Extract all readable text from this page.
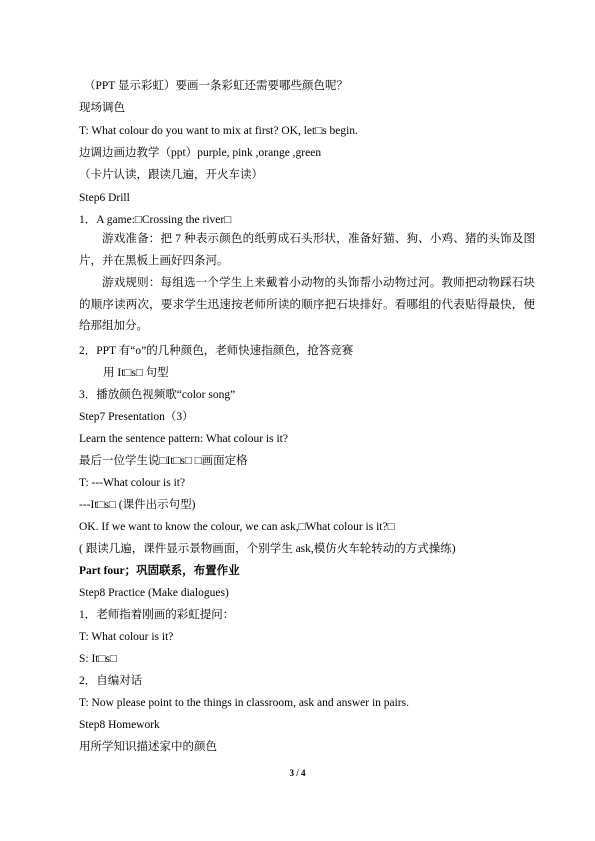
（PPT 显示彩虹）要画一条彩虹还需要哪些颜色呢？
现场调色
T: What colour do you want to mix at first? OK, let□s begin.
边调边画边教学（ppt）purple, pink ,orange ,green
（卡片认读，跟读几遍，开火车读）
Step6 Drill
1．A game:□Crossing the river□
游戏准备：把 7 种表示颜色的纸剪成石头形状，准备好猫、狗、小鸡、猪的头饰及图片，并在黑板上画好四条河。
游戏规则：每组选一个学生上来戴着小动物的头饰帮小动物过河。教师把动物踩石块的顺序读两次，要求学生迅速按老师所读的顺序把石块排好。看哪组的代表贴得最快，便给那组加分。
2．PPT 有“o”的几种颜色，老师快速指颜色，抢答竞赛
用 It□s□ 句型
3．播放颜色视频歌“color song”
Step7 Presentation（3）
Learn the sentence pattern: What colour is it?
最后一位学生说□It□s□ □画面定格
T: ---What colour is it?
---It□s□ (课件出示句型)
OK. If we want to know the colour, we can ask,□What colour is it?□
( 跟读几遍，课件显示景物画面，个别学生 ask,模仿火车轮转动的方式操练)
Part four；巩固联系，布置作业
Step8 Practice (Make dialogues)
1．老师指着刚画的彩虹提问：
T: What colour is it?
S: It□s□
2．自编对话
T: Now please point to the things in classroom, ask and answer in pairs.
Step8 Homework
用所学知识描述家中的颜色
3 / 4
